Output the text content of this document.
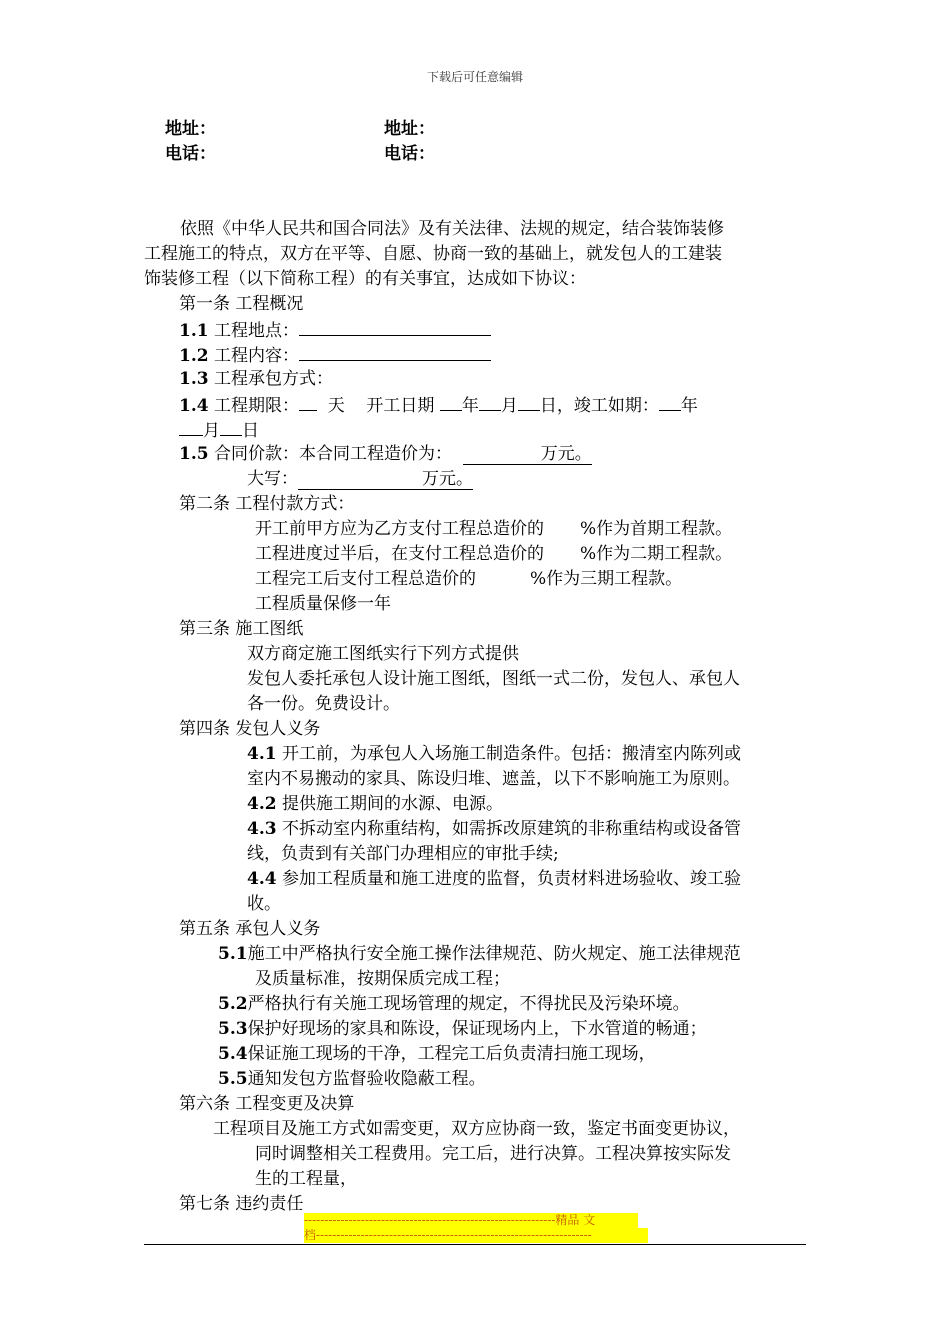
下载后可任意编辑
地址：	地址：
电话：	电话：
依照《中华人民共和国合同法》及有关法律、法规的规定，结合装饰装修
工程施工的特点，双方在平等、自愿、协商一致的基础上，就发包人的工建装
饰装修工程（以下简称工程）的有关事宜，达成如下协议：
第一条 工程概况
1.1 工程地点：
1.2 工程内容：
1.3 工程承包方式：
1.4 工程期限： 天 开工日期 年 月 日，竣工如期： 年
月 日
1.5 合同价款：本合同工程造价为：	万元。
大写：	万元。
第二条 工程付款方式：
开工前甲方应为乙方支付工程总造价的 %作为首期工程款。
工程进度过半后，在支付工程总造价的 %作为二期工程款。
工程完工后支付工程总造价的	%作为三期工程款。
工程质量保修一年
第三条 施工图纸
双方商定施工图纸实行下列方式提供
发包人委托承包人设计施工图纸，图纸一式二份，发包人、承包人
各一份。免费设计。
第四条 发包人义务
4.1 开工前，为承包人入场施工制造条件。包括：搬清室内陈列或
室内不易搬动的家具、陈设归堆、遮盖，以下不影响施工为原则。
4.2 提供施工期间的水源、电源。
4.3 不拆动室内称重结构，如需拆改原建筑的非称重结构或设备管
线，负责到有关部门办理相应的审批手续;
4.4 参加工程质量和施工进度的监督，负责材料进场验收、竣工验
收。
第五条 承包人义务
5.1施工中严格执行安全施工操作法律规范、防火规定、施工法律规范
及质量标准，按期保质完成工程；
5.2严格执行有关施工现场管理的规定，不得扰民及污染环境。
5.3保护好现场的家具和陈设，保证现场内上，下水管道的畅通；
5.4保证施工现场的干净，工程完工后负责清扫施工现场，
5.5通知发包方监督验收隐蔽工程。
第六条 工程变更及决算
工程项目及施工方式如需变更，双方应协商一致，鉴定书面变更协议，
同时调整相关工程费用。完工后，进行决算。工程决算按实际发
生的工程量，
第七条 违约责任
--------------------------------------------------------------精品 文
档--------------------------------------------------------------------
